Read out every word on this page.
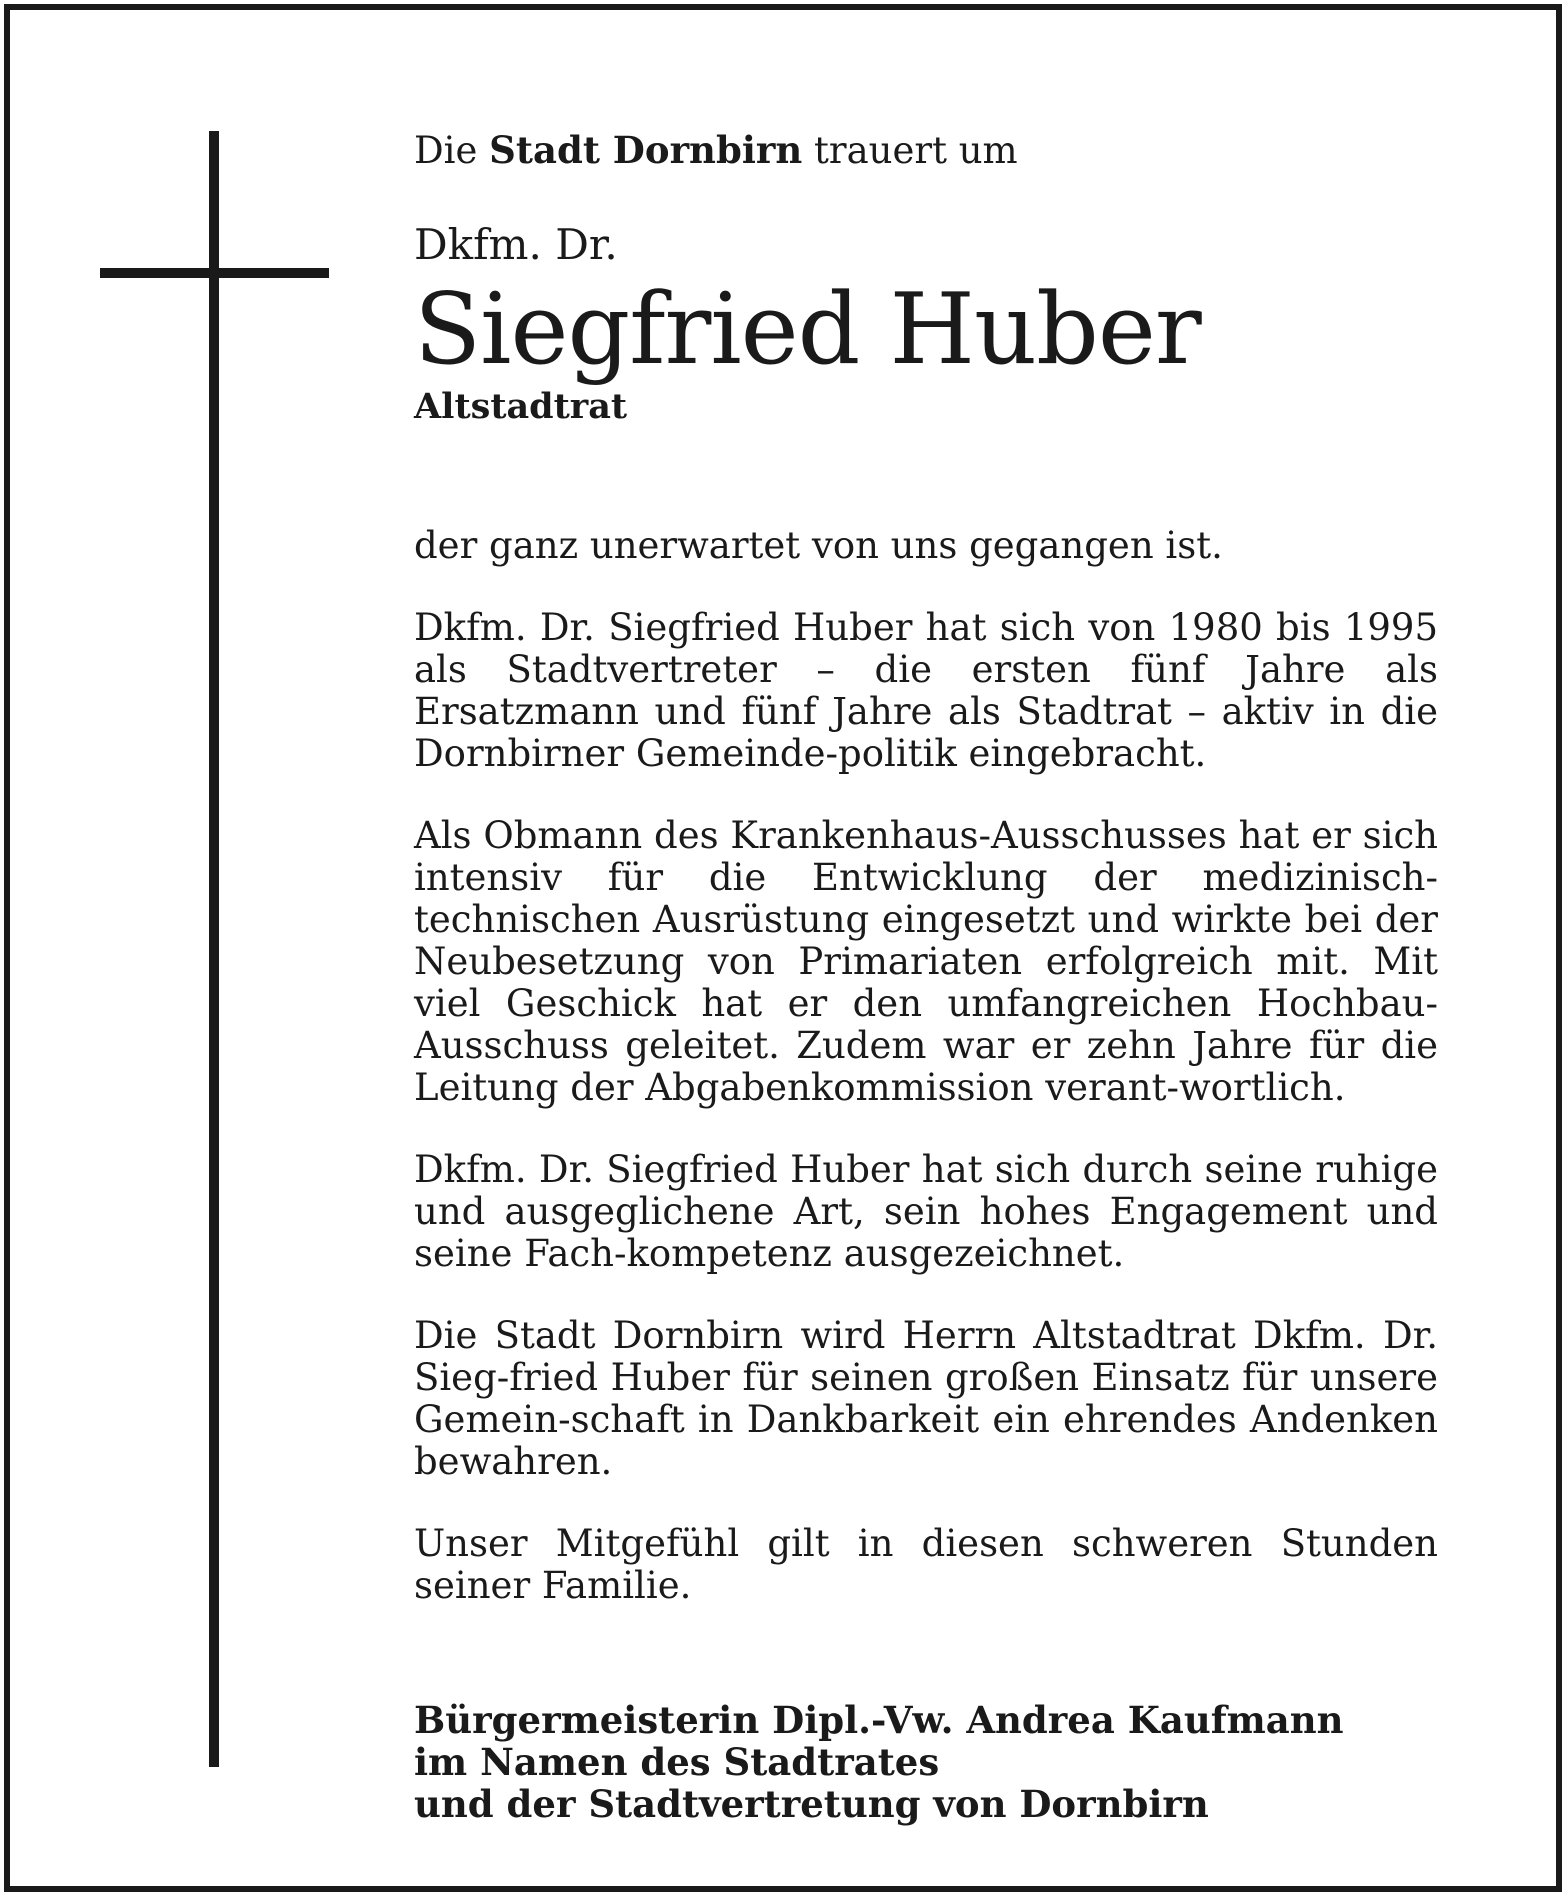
Die Stadt Dornbirn trauert um

Dkfm. Dr.

Siegfried Huber

Altstadtrat

der ganz unerwartet von uns gegangen ist.

Dkfm. Dr. Siegfried Huber hat sich von 1980 bis 1995 als Stadtvertreter – die ersten fünf Jahre als Ersatzmann und fünf Jahre als Stadtrat – aktiv in die Dornbirner Gemeinde-politik eingebracht.

Als Obmann des Krankenhaus-Ausschusses hat er sich intensiv für die Entwicklung der medizinisch-technischen Ausrüstung eingesetzt und wirkte bei der Neubesetzung von Primariaten erfolgreich mit. Mit viel Geschick hat er den umfangreichen Hochbau-Ausschuss geleitet. Zudem war er zehn Jahre für die Leitung der Abgabenkommission verant-wortlich.

Dkfm. Dr. Siegfried Huber hat sich durch seine ruhige und ausgeglichene Art, sein hohes Engagement und seine Fach-kompetenz ausgezeichnet.

Die Stadt Dornbirn wird Herrn Altstadtrat Dkfm. Dr. Sieg-fried Huber für seinen großen Einsatz für unsere Gemein-schaft in Dankbarkeit ein ehrendes Andenken bewahren.

Unser Mitgefühl gilt in diesen schweren Stunden seiner Familie.

Bürgermeisterin Dipl.-Vw. Andrea Kaufmann
im Namen des Stadtrates
und der Stadtvertretung von Dornbirn
